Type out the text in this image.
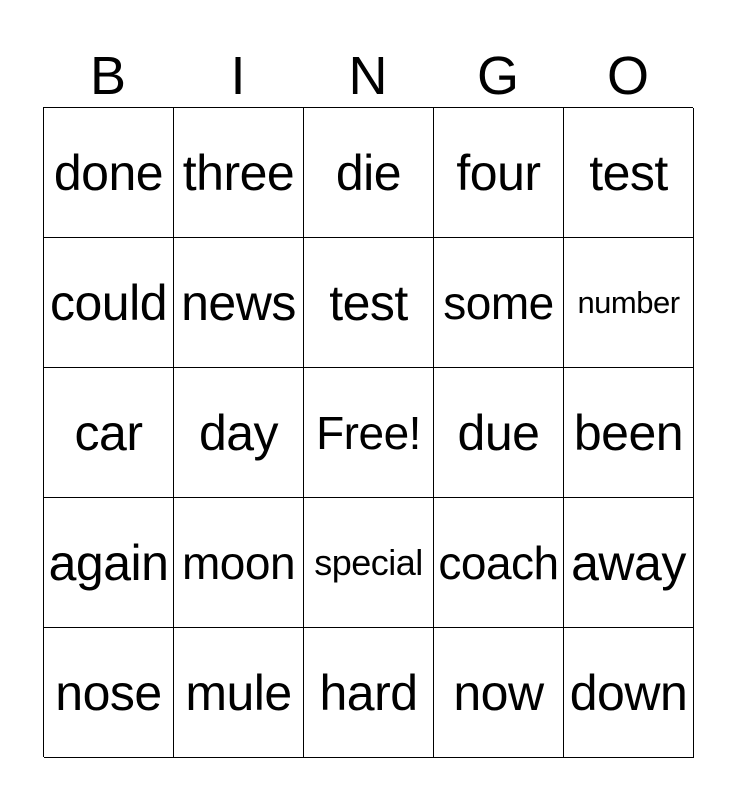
B	I	N	G	O
done three die	four test
could news test some number
car	day Free! due been
again moon special coach away
nose mule hard now down
